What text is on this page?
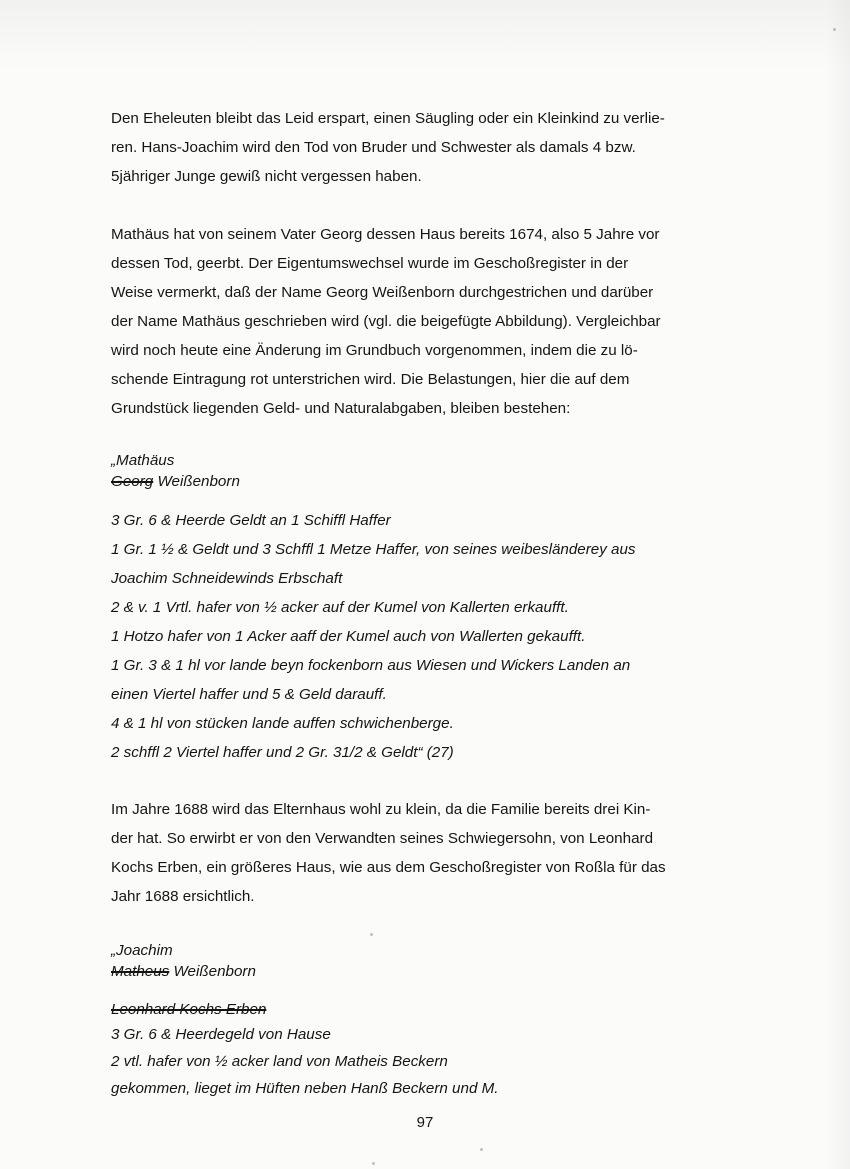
Den Eheleuten bleibt das Leid erspart, einen Säugling oder ein Kleinkind zu verlie-
ren. Hans-Joachim wird den Tod von Bruder und Schwester als damals 4 bzw.
5jähriger Junge gewiß nicht vergessen haben.

Mathäus hat von seinem Vater Georg dessen Haus bereits 1674, also 5 Jahre vor
dessen Tod, geerbt. Der Eigentumswechsel wurde im Geschoßregister in der
Weise vermerkt, daß der Name Georg Weißenborn durchgestrichen und darüber
der Name Mathäus geschrieben wird (vgl. die beigefügte Abbildung). Vergleichbar
wird noch heute eine Änderung im Grundbuch vorgenommen, indem die zu lö-
schende Eintragung rot unterstrichen wird. Die Belastungen, hier die auf dem
Grundstück liegenden Geld- und Naturalabgaben, bleiben bestehen:

„Mathäus
Georg Weißenborn

3 Gr. 6 & Heerde Geldt an 1 Schiffl Haffer
1 Gr. 1 ½ & Geldt und 3 Schffl 1 Metze Haffer, von seines weibesländerey aus
Joachim Schneidewinds Erbschaft
2 & v. 1 Vrtl. hafer von ½ acker auf der Kumel von Kallerten erkaufft.
1 Hotzo hafer von 1 Acker aaff der Kumel auch von Wallerten gekaufft.
1 Gr. 3 & 1 hl vor lande beyn fockenborn aus Wiesen und Wickers Landen an
einen Viertel haffer und 5 & Geld darauff.
4 & 1 hl von stücken lande auffen schwichenberge.
2 schffl 2 Viertel haffer und 2 Gr. 31/2 & Geldt“ (27)

Im Jahre 1688 wird das Elternhaus wohl zu klein, da die Familie bereits drei Kin-
der hat. So erwirbt er von den Verwandten seines Schwiegersohn, von Leonhard
Kochs Erben, ein größeres Haus, wie aus dem Geschoßregister von Roßla für das
Jahr 1688 ersichtlich.

„Joachim
Matheus Weißenborn

Leonhard Kochs Erben

3 Gr. 6 & Heerdegeld von Hause
2 vtl. hafer von ½ acker land von Matheis Beckern
gekommen, lieget im Hüften neben Hanß Beckern und M.

97
